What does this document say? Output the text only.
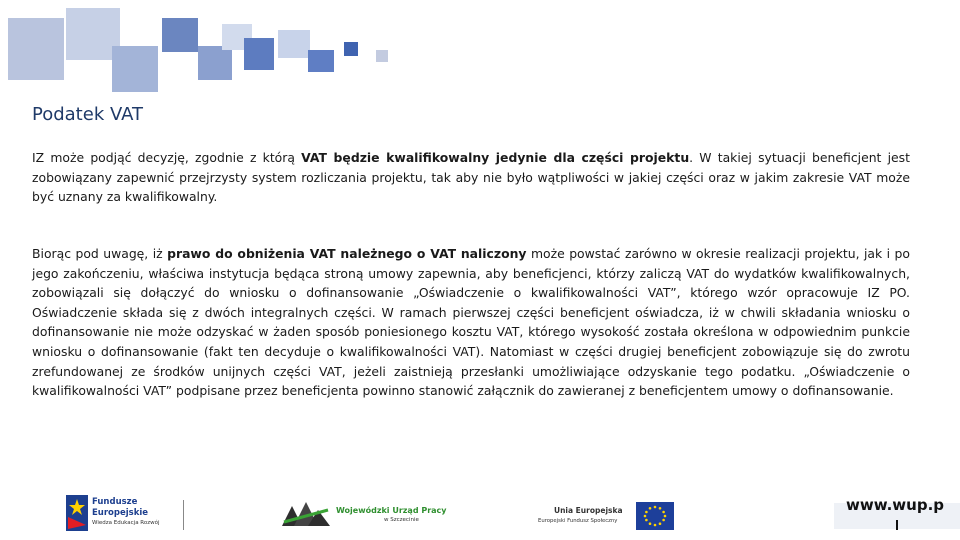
Podatek VAT

IZ może podjąć decyzję, zgodnie z którą VAT będzie kwalifikowalny jedynie dla części projektu. W takiej sytuacji beneficjent jest zobowiązany zapewnić przejrzysty system rozliczania projektu, tak aby nie było wątpliwości w jakiej części oraz w jakim zakresie VAT może być uznany za kwalifikowalny.

Biorąc pod uwagę, iż prawo do obniżenia VAT należnego o VAT naliczony może powstać zarówno w okresie realizacji projektu, jak i po jego zakończeniu, właściwa instytucja będąca stroną umowy zapewnia, aby beneficjenci, którzy zaliczą VAT do wydatków kwalifikowalnych, zobowiązali się dołączyć do wniosku o dofinansowanie „Oświadczenie o kwalifikowalności VAT”, którego wzór opracowuje IZ PO. Oświadczenie składa się z dwóch integralnych części. W ramach pierwszej części beneficjent oświadcza, iż w chwili składania wniosku o dofinansowanie nie może odzyskać w żaden sposób poniesionego kosztu VAT, którego wysokość została określona w odpowiednim punkcie wniosku o dofinansowanie (fakt ten decyduje o kwalifikowalności VAT). Natomiast w części drugiej beneficjent zobowiązuje się do zwrotu zrefundowanej ze środków unijnych części VAT, jeżeli zaistnieją przesłanki umożliwiające odzyskanie tego podatku. „Oświadczenie o kwalifikowalności VAT” podpisane przez beneficjenta powinno stanowić załącznik do zawieranej z beneficjentem umowy o dofinansowanie.

Fundusze
Europejskie
Wiedza Edukacja Rozwój
Wojewódzki Urząd Pracy
w Szczecinie
Unia Europejska
Europejski Fundusz Społeczny
www.wup.p
